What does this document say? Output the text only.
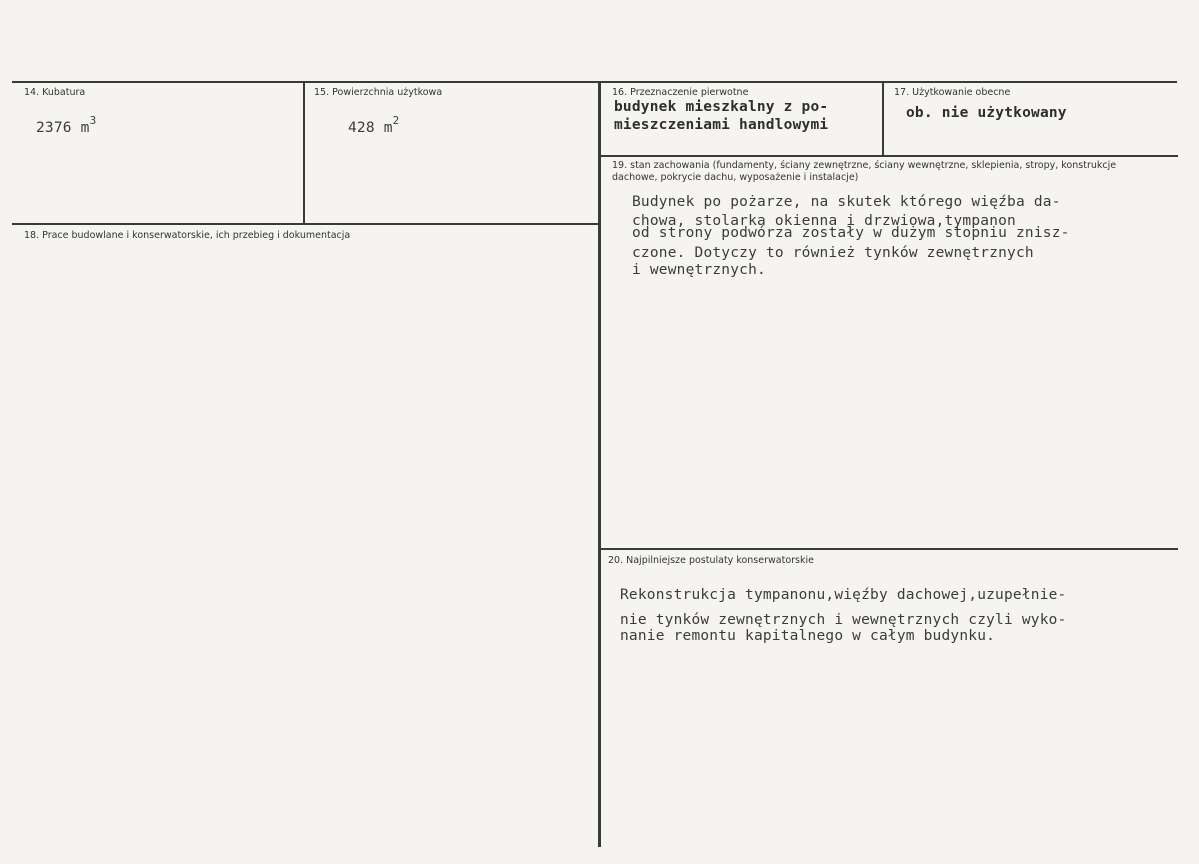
14. Kubatura
2376 $m^3$
15. Powierzchnia użytkowa
428 $m^2$
16. Przeznaczenie pierwotne
budynek mieszkalny z po-
mieszczeniami handlowymi
17. Użytkowanie obecne
ob. nie użytkowany
18. Prace budowlane i konserwatorskie, ich przebieg i dokumentacja
19. stan zachowania (fundamenty, ściany zewnętrzne, ściany wewnętrzne, sklepienia, stropy, konstrukcje dachowe, pokrycie dachu, wyposażenie i instalacje)
Budynek po pożarze, na skutek którego więźba da-
chowa, stolarka okienna i drzwiowa,tympanon
od strony podwórza zostały w dużym stopniu znisz-
czone. Dotyczy to również tynków zewnętrznych
i wewnętrznych.
20. Najpilniejsze postulaty konserwatorskie
Rekonstrukcja tympanonu,więźby dachowej,uzupełnie-
nie tynków zewnętrznych i wewnętrznych czyli wyko-
nanie remontu kapitalnego w całym budynku.
